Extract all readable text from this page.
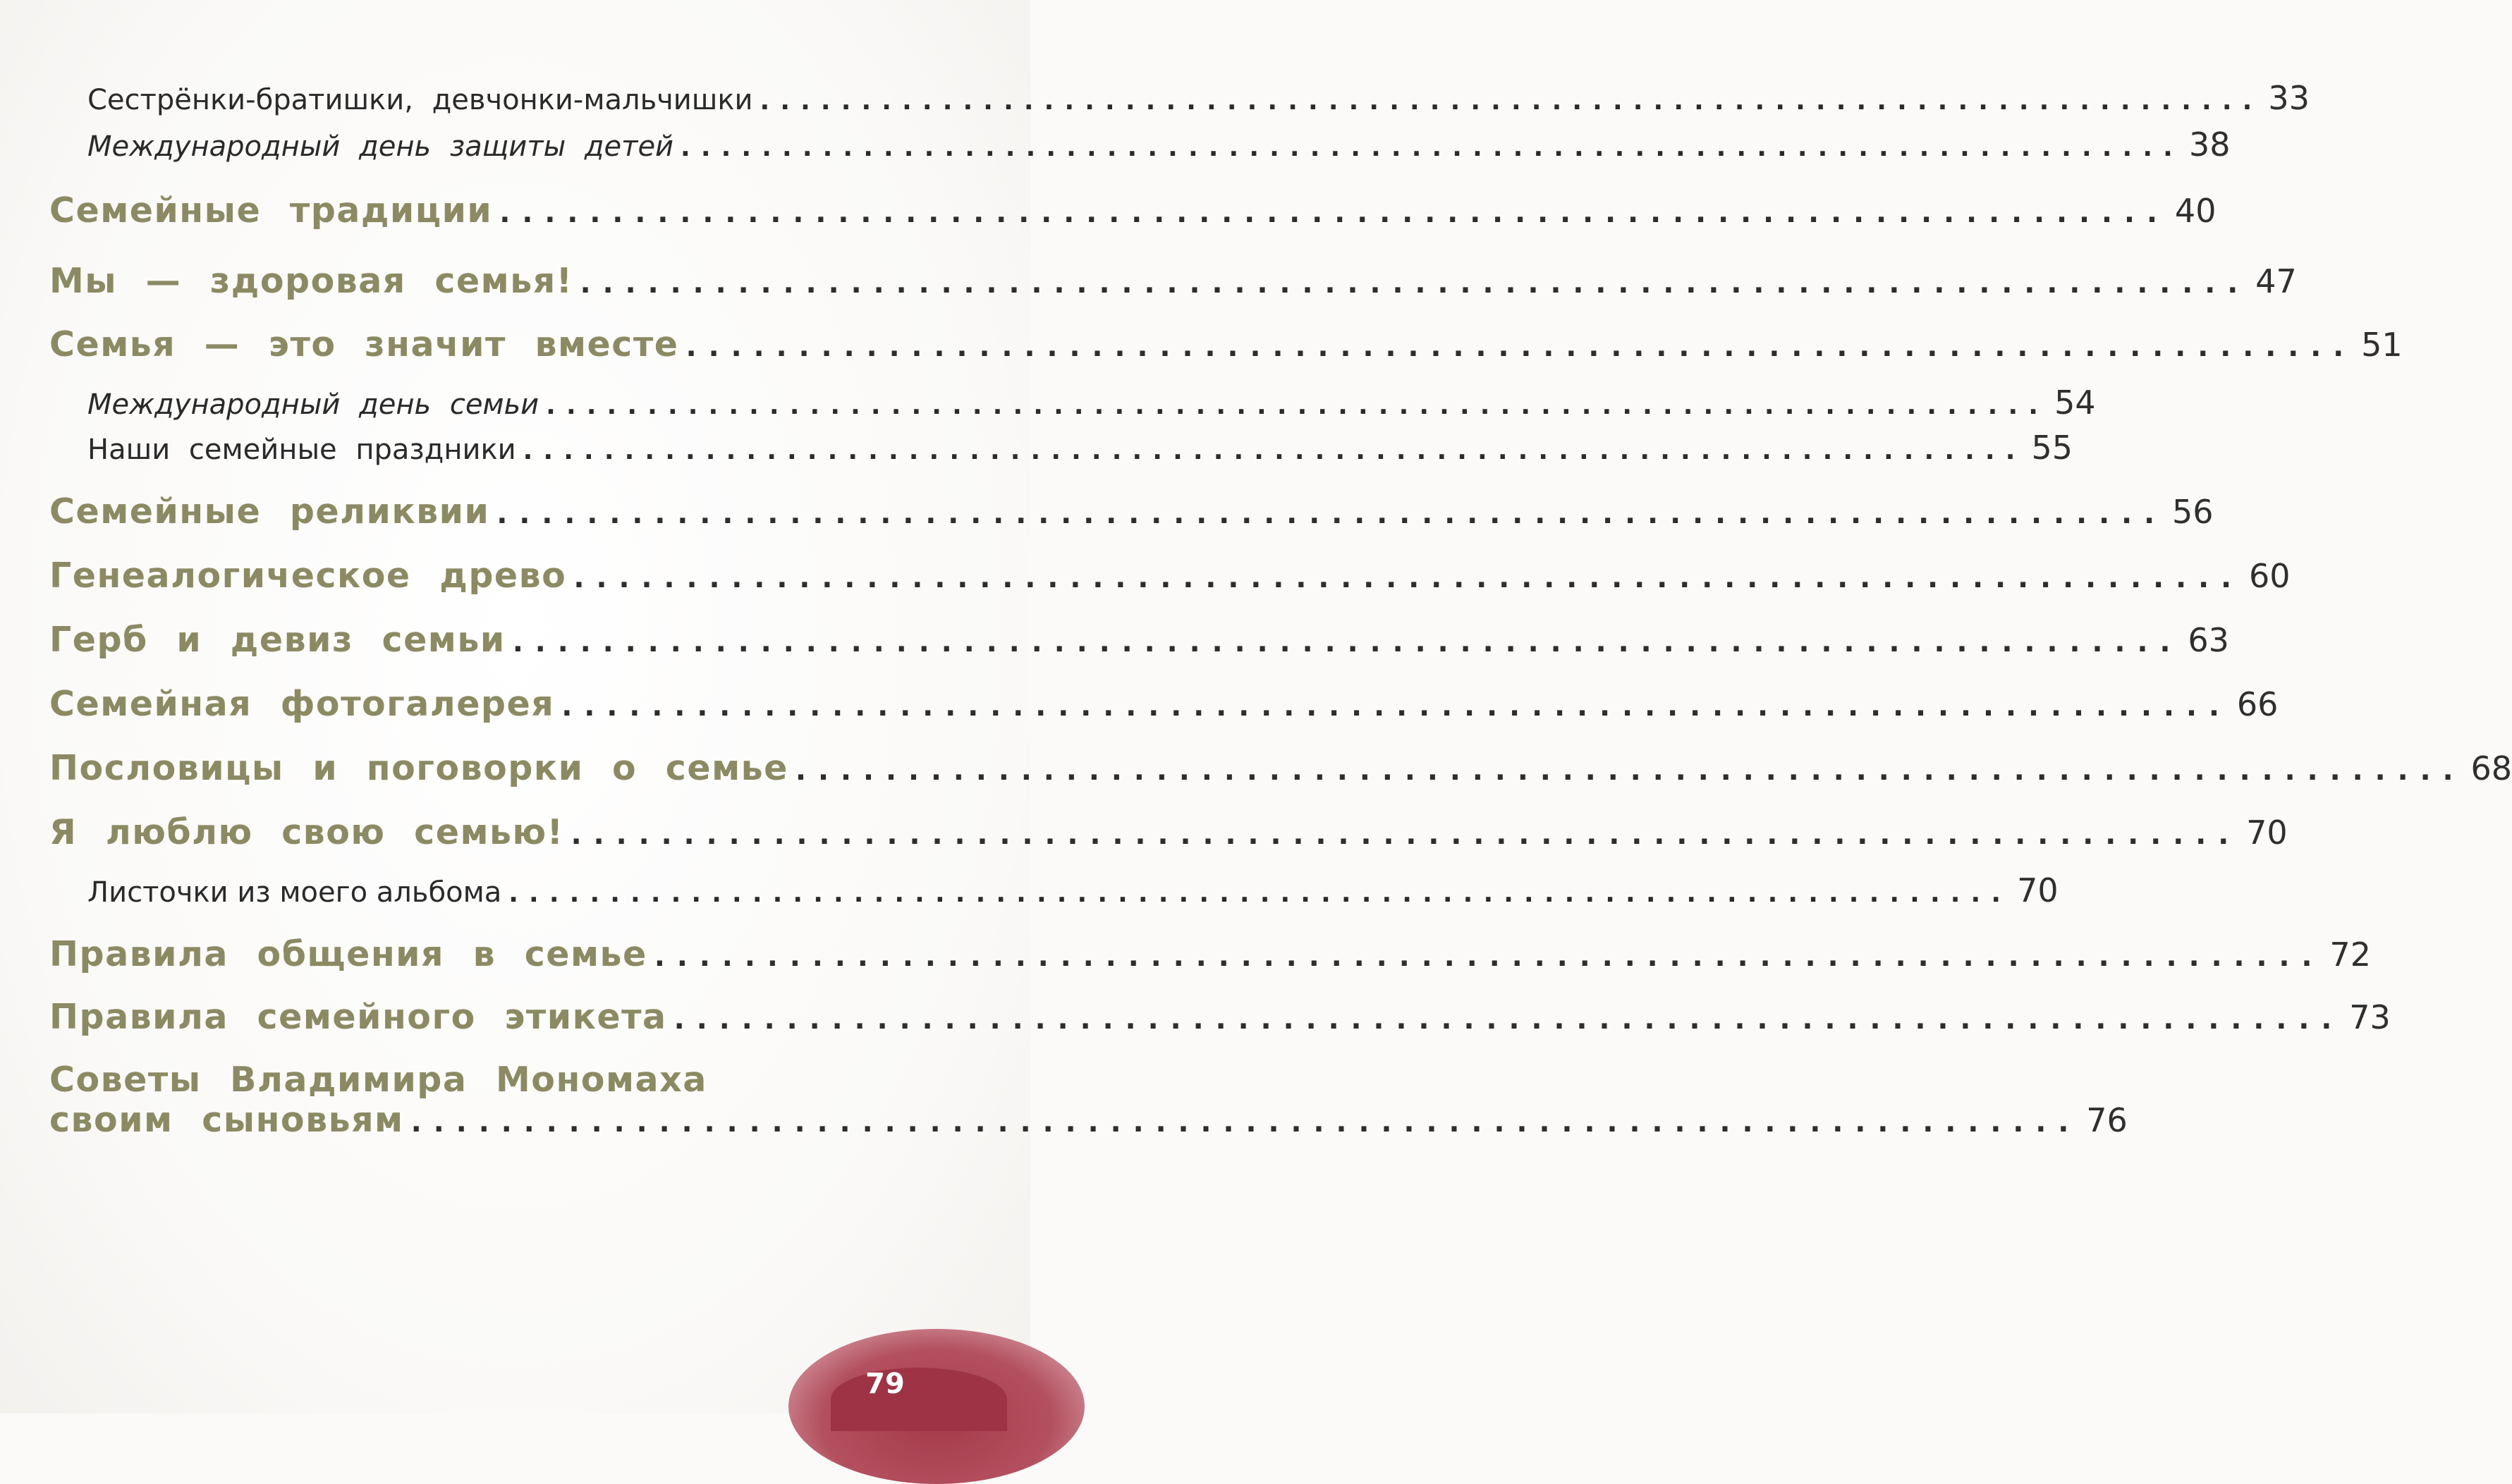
Сестрёнки-братишки, девчонки-мальчишки .......................................................................... 33
Международный день защиты детей .......................................................................... 38
Семейные традиции .......................................................................... 40
Мы — здоровая семья! .......................................................................... 47
Семья — это значит вместе .......................................................................... 51
Международный день семьи .......................................................................... 54
Наши семейные праздники .......................................................................... 55
Семейные реликвии .......................................................................... 56
Генеалогическое древо .......................................................................... 60
Герб и девиз семьи .......................................................................... 63
Семейная фотогалерея .......................................................................... 66
Пословицы и поговорки о семье .......................................................................... 68
Я люблю свою семью! .......................................................................... 70
Листочки из моего альбома .......................................................................... 70
Правила общения в семье .......................................................................... 72
Правила семейного этикета .......................................................................... 73
Советы Владимира Мономаха
своим сыновьям .......................................................................... 76
79
